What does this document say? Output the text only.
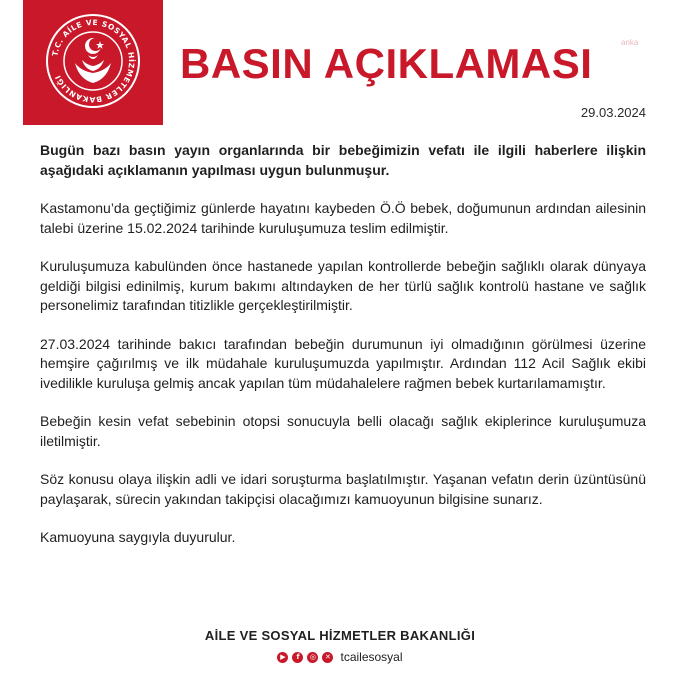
T.C. AİLE VE SOSYAL HİZMETLER BAKANLIĞI	BASIN AÇIKLAMASI	anka
29.03.2024

Bugün bazı basın yayın organlarında bir bebeğimizin vefatı ile ilgili haberlere ilişkin aşağıdaki açıklamanın yapılması uygun bulunmuşur.

Kastamonu’da geçtiğimiz günlerde hayatını kaybeden Ö.Ö bebek, doğumunun ardından ailesinin talebi üzerine 15.02.2024 tarihinde kuruluşumuza teslim edilmiştir.

Kuruluşumuza kabulünden önce hastanede yapılan kontrollerde bebeğin sağlıklı olarak dünyaya geldiği bilgisi edinilmiş, kurum bakımı altındayken de her türlü sağlık kontrolü hastane ve sağlık personelimiz tarafından titizlikle gerçekleştirilmiştir.

27.03.2024 tarihinde bakıcı tarafından bebeğin durumunun iyi olmadığının görülmesi üzerine hemşire çağırılmış ve ilk müdahale kuruluşumuzda yapılmıştır. Ardından 112 Acil Sağlık ekibi ivedilikle kuruluşa gelmiş ancak yapılan tüm müdahalelere rağmen bebek kurtarılamamıştır.

Bebeğin kesin vefat sebebinin otopsi sonucuyla belli olacağı sağlık ekiplerince kuruluşumuza iletilmiştir.

Söz konusu olaya ilişkin adli ve idari soruşturma başlatılmıştır. Yaşanan vefatın derin üzüntüsünü paylaşarak, sürecin yakından takipçisi olacağımızı kamuoyunun bilgisine sunarız.

Kamuoyuna saygıyla duyurulur.

AİLE VE SOSYAL HİZMETLER BAKANLIĞI
▶	f	◎	✕ tcailesosyal
